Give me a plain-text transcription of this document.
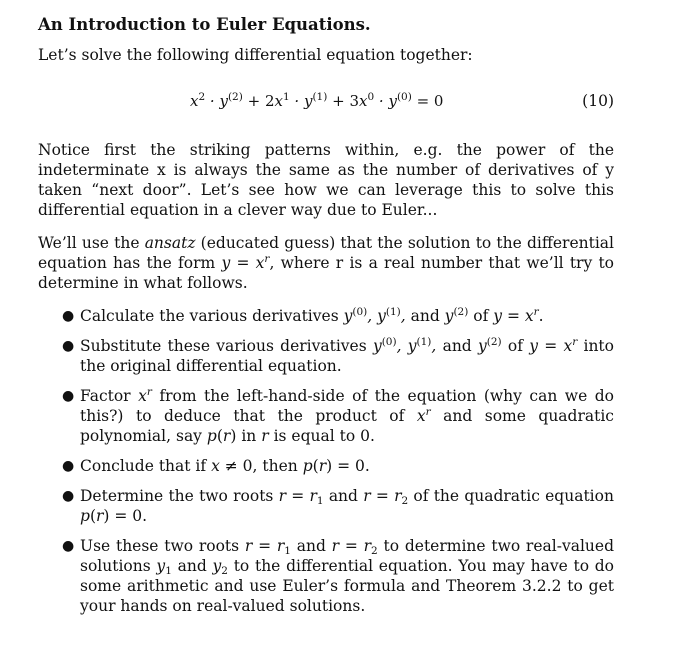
An Introduction to Euler Equations.

Let’s solve the following differential equation together:

$x^2 \cdot y^{(2)} + 2x^1 \cdot y^{(1)} + 3x^0 \cdot y^{(0)} = 0$	(10)

Notice first the striking patterns within, e.g. the power of the indeterminate x is always the same as the number of derivatives of y taken “next door”. Let’s see how we can leverage this to solve this differential equation in a clever way due to Euler...

We’ll use the ansatz (educated guess) that the solution to the differential equation has the form $y = x^r$, where r is a real number that we’ll try to determine in what follows.

● Calculate the various derivatives $y^{(0)}$, $y^{(1)}$, and $y^{(2)}$ of $y = x^r$.
● Substitute these various derivatives $y^{(0)}$, $y^{(1)}$, and $y^{(2)}$ of $y = x^r$ into the original differential equation.
● Factor $x^r$ from the left-hand-side of the equation (why can we do this?) to deduce that the product of $x^r$ and some quadratic polynomial, say p(r) in r is equal to 0.
● Conclude that if x ≠ 0, then p(r) = 0.
● Determine the two roots $r = r_1$ and $r = r_2$ of the quadratic equation p(r) = 0.
● Use these two roots $r = r_1$ and $r = r_2$ to determine two real-valued solutions $y_1$ and $y_2$ to the differential equation. You may have to do some arithmetic and use Euler’s formula and Theorem 3.2.2 to get your hands on real-valued solutions.
